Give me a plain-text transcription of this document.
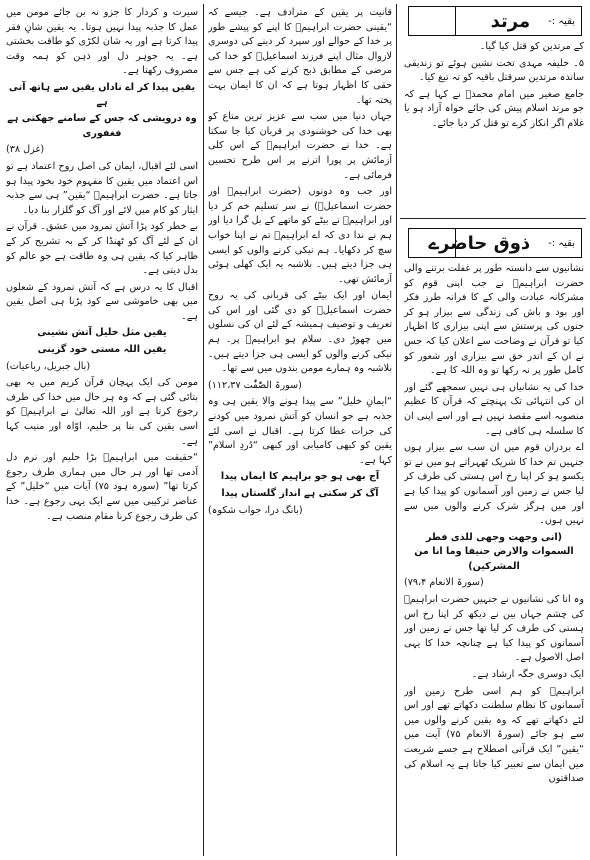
بقیہ :-
مرتد

کے مرتدین کو قتل کیا گیا۔

۵۔ خلیفہ مہدی تخت نشین ہوئے تو زندیقی ساندہ مرتدین سرقتل باقیہ کو تہ تیغ کیا۔

جامع صغیر میں امام محمدؒ نے کہا ہے کہ جو مرتد اسلام پیش کی جائے خواہ آزاد ہو یا غلام اگر انکار کرے تو قتل کر دیا جائے۔

بقیہ :-
ذوق حاضرے

نشانیوں سے دانستہ طور پر غفلت برتنے والی حضرت ابراہیمؑ نے جب اپنی قوم کو مشرکانہ عبادت والی کے کا فرانہ طرز فکر اور بود و باش کی زندگی سے بیزار ہو کر جنوں کی پرستش سے اپنی بیزاری کا اظہار کیا تو قرآن نے وضاحت سے اعلان کیا کہ جس نے ان کے اندر حق سے بیزاری اور شعور کو کامل طور پر نہ رکھا تو وہ اللہ کا ہے۔

خدا کی یہ نشانیاں ہی نہیں سمجھے گئے اور ان کی انتہائی تک پہنچتے کہ قرآن کا عظیم منصوبہ اسے مقصد نہیں ہے اور اسے اپنی ان کا سلسلہ ہی کافی ہے۔

اے بردران قوم میں ان سب سے بیزار ہوں جنہیں تم خدا کا شریک ٹھہراتے ہو میں نے تو یکسو ہو کر اپنا رخ اس ہستی کی طرف کر لیا جس نے زمین اور آسمانوں کو پیدا کیا ہے اور میں ہرگز شرک کرنے والوں میں سے نہیں ہوں۔

(انی وجهت وجهی للذی فطر السموات والارض حنیفا وما انا من المشرکین)

(سورۃ الانعام ۷۹،۴)

وہ انا کی نشانیوں نے جنہیں حضرت ابراہیمؑ کی چشم جہاں بین نے دیکھ کر اپنا رخ اس ہستی کی طرف کر لیا تھا جس نے زمین اور آسمانوں کو پیدا کیا ہے چنانچہ خدا کا یہی اصل الاصول ہے۔

ایک دوسری جگہ ارشاد ہے۔

ابراہیمؑ کو ہم اسی طرح زمین اور آسمانوں کا نظام سلطنت دکھاتے تھے اور اس لئے دکھاتے تھے کہ وہ یقین کرنے والوں میں سے ہو جائے (سورۃ الانعام ۷۵) آیت میں “یقین” ایک قرآنی اصطلاح ہے جسے شریعت میں ایمان سے تعبیر کیا جاتا ہے یہ اسلام کی صداقتوں

قانیت پر یقین کے مترادف ہے۔ جیسے کہ “یقینی حضرت ابراہیمؑ کا اپنے کو پیشے طور پر خدا کے حوالے اور سپرد کر دینے کی دوسری لازوال مثال اپنے فرزند اسماعیلؑ کو خدا کی مرضی کے مطابق ذبح کرنے کی ہے جس سے حقی کا اظہار ہوتا ہے کہ ان کا ایمان بہت پختہ تھا۔

جہاں دنیا میں سب سے عزیز ترین متاع کو بھی خدا کی خوشنودی پر قربان کیا جا سکتا ہے۔ خدا نے حضرت ابراہیمؑ کے اس کلی آزمائش پر پورا اترنے پر اس طرح تحسین فرمائی ہے۔

اور جب وہ دونوں (حضرت ابراہیمؑ اور حضرت اسماعیلؑ) نے سر تسلیم خم کر دیا اور ابراہیمؑ نے بیٹے کو ماتھے کے بل گرا دیا اور ہم نے ندا دی کہ اے ابراہیمؑ تم نے اپنا خواب سچ کر دکھایا۔ ہم نیکی کرنے والوں کو ایسی ہی جزا دیتے ہیں۔ بلاشبہ یہ ایک کھلی ہوئی آزمائش تھی۔

ایمان اور ایک بیٹے کی قربانی کی یہ روح حضرت اسماعیلؑ کو دی گئی اور اس کی تعریف و توصیف ہمیشہ کے لئے ان کی نسلوں میں چھوڑ دی۔ سلام ہو ابراہیمؑ پر۔ ہم نیکی کرنے والوں کو ایسی ہی جزا دیتے ہیں۔ بلاشبہ وہ ہمارے مومن بندوں میں سے تھا۔

(سورۃ الصّٰفّٰت ۱۱۲،۳۷)

“ایمانِ خلیل” سے پیدا ہونے والا یقین ہی وہ جذبہ ہے جو انسان کو آتش نمرود میں کودنے کی جرات عطا کرتا ہے۔ اقبال نے اسی لئے یقین کو کبھی کامیابی اور کبھی “دُردِ اسلام” کہا ہے۔

آج بھی ہو جو براہیم کا ایماں پیدا

آگ کر سکتی ہے انداز گلستاں پیدا

(بانگ درا، جواب شکوہ)

سیرت و کردار کا جزو نہ بن جائے مومن میں عمل کا جذبہ پیدا نہیں ہوتا۔ یہ یقین شانِ فقر پیدا کرتا ہے اور یہ شان لکڑی کو طاقت بخشتی ہے۔ یہ جوہر دل اور ذہن کو ہمہ وقت مصروف رکھتا ہے۔

یقیں پیدا کر اے ناداں یقیں سے ہاتھ آتی ہے

وہ درویشی کہ جس کے سامنے جھکتی ہے فغفوری

(غزل ۳۸)

اسی لئے اقبال، ایمان کی اصل روح اعتماد ہے تو اس اعتماد میں یقین کا مفہوم خود بخود پیدا ہو جاتا ہے۔ حضرت ابراہیمؑ “یقین” ہی سے جذبہ ایثار کو کام میں لائے اور آگ کو گلزار بنا دیا۔

بے خطر کود پڑا آتش نمرود میں عشق۔ قرآن نے ان کے لئے آگ کو ٹھنڈا کر کے بہ تشریح کر کے ظاہر کیا کہ یقین ہی وہ طاقت ہے جو عالم کو بدل دیتی ہے۔

اقبال کا یہ درس ہے کہ آتش نمرود کے شعلوں میں بھی خاموشی سے کود پڑنا ہی اصل یقین ہے۔

یقین مثل خلیل آتش نشینی

یقین اللہ مستی خود گزینی

(بال جبریل، رباعیات)

مومن کی ایک پہچان قرآن کریم میں یہ بھی بتائی گئی ہے کہ وہ ہر حال میں خدا کی طرف رجوع کرتا ہے اور اللہ تعالیٰ نے ابراہیمؑ کو اسی یقین کی بنا پر حلیم، اوّاہ اور منیب کہا ہے۔

“حقیقت میں ابراہیمؑ بڑا حلیم اور نرم دل آدمی تھا اور ہر حال میں ہماری طرف رجوع کرتا تھا” (سورہ ہود ۷۵) آیات میں “خلیل” کے عناصر ترکیبی میں سے ایک یہی رجوع ہے۔ خدا کی طرف رجوع کرنا مقام منصب ہے۔
